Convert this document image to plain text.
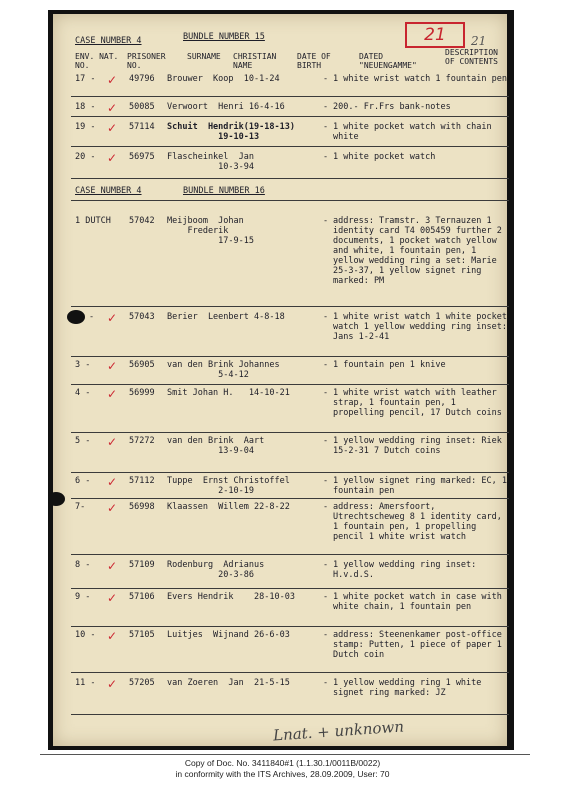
21	21
CASE NUMBER 4	BUNDLE NUMBER 15
ENV. NAT.
NO.
PRISONER
NO.
SURNAME CHRISTIAN
NAME
DATE OF
BIRTH
DATED
"NEUENGAMME"
DESCRIPTION
OF CONTENTS
17 - ✓ 49796 Brouwer  Koop  10-1-24	- 1 white wrist watch 1 fountain pen
18 - ✓ 50085 Verwoort  Henri 16-4-16	- 200.- Fr.Frs bank-notes
19 - ✓ 57114 Schuit  Hendrik(19-18-13)
19-10-13
- 1 white pocket watch with chain white
20 - ✓ 56975 Flascheinkel  Jan
10-3-94
- 1 white pocket watch
CASE NUMBER 4	BUNDLE NUMBER 16
1 DUTCH 57042 Meijboom  Johan
Frederik
17-9-15
- address: Tramstr. 3 Ternauzen 1 identity card T4 005459 further 2 documents, 1 pocket watch yellow and white, 1 fountain pen, 1 yellow wedding ring a set: Marie 25-3-37, 1 yellow signet ring marked: PM
- ✓ 57043 Berier  Leenbert 4-8-18	- 1 white wrist watch 1 white pocket watch 1 yellow wedding ring inset: Jans 1-2-41
3 - ✓ 56905 van den Brink Johannes
5-4-12
- 1 fountain pen 1 knive
4 - ✓ 56999 Smit Johan H.   14-10-21	- 1 white wrist watch with leather strap, 1 fountain pen, 1 propelling pencil, 17 Dutch coins
5 - ✓ 57272 van den Brink  Aart
13-9-04
- 1 yellow wedding ring inset: Riek 15-2-31 7 Dutch coins
6 - ✓ 57112 Tuppe  Ernst Christoffel
2-10-19
- 1 yellow signet ring marked: EC, 1 fountain pen
7- ✓ 56998 Klaassen  Willem 22-8-22	- address: Amersfoort, Utrechtscheweg 8 1 identity card, 1 fountain pen, 1 propelling pencil 1 white wrist watch
8 - ✓ 57109 Rodenburg  Adrianus
20-3-86
- 1 yellow wedding ring inset: H.v.d.S.
9 - ✓ 57106 Evers Hendrik    28-10-03	- 1 white pocket watch in case with white chain, 1 fountain pen
10 - ✓ 57105 Luitjes  Wijnand 26-6-03	- address: Steenenkamer post-office stamp: Putten, 1 piece of paper 1 Dutch coin
11 - ✓ 57205 van Zoeren  Jan  21-5-15	- 1 yellow wedding ring 1 white signet ring marked: JZ
Lnat. + unknown
Copy of Doc. No. 3411840#1 (1.1.30.1/0011B/0022)
in conformity with the ITS Archives, 28.09.2009, User: 70
